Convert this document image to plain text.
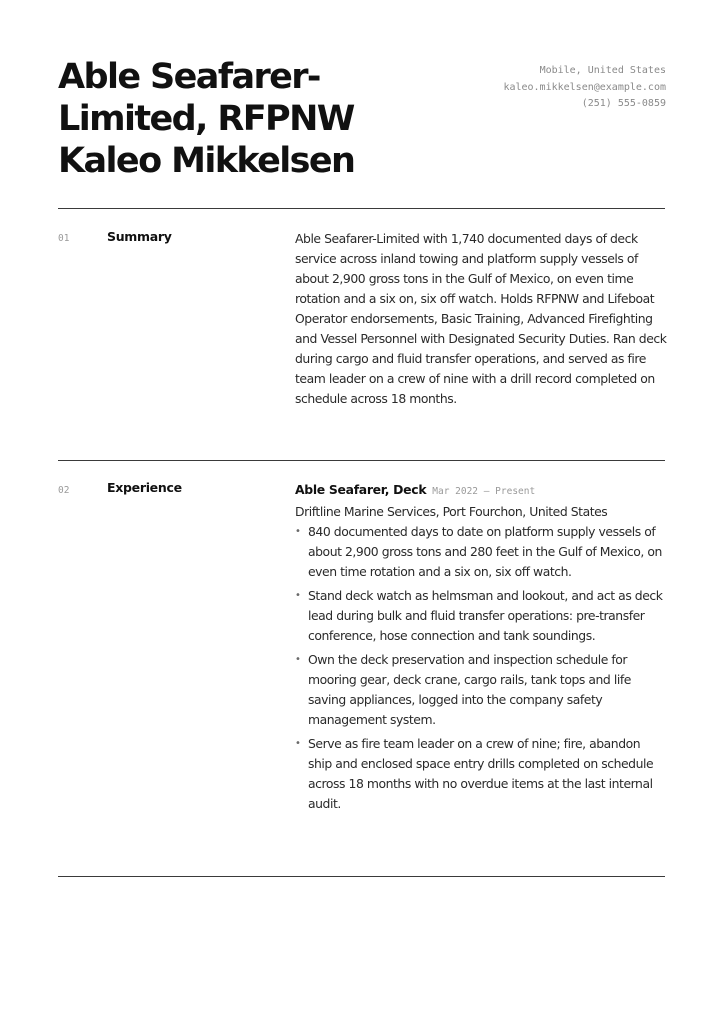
Able Seafarer-
Limited, RFPNW
Kaleo Mikkelsen
Mobile, United States
kaleo.mikkelsen@example.com
(251) 555-0859
01	Summary	Able Seafarer-Limited with 1,740 documented days of deck service across inland towing and platform supply vessels of about 2,900 gross tons in the Gulf of Mexico, on even time rotation and a six on, six off watch. Holds RFPNW and Lifeboat Operator endorsements, Basic Training, Advanced Firefighting and Vessel Personnel with Designated Security Duties. Ran deck during cargo and fluid transfer operations, and served as fire team leader on a crew of nine with a drill record completed on schedule across 18 months.
02	Experience	Able Seafarer, Deck Mar 2022 – Present
Driftline Marine Services, Port Fourchon, United States
• 840 documented days to date on platform supply vessels of about 2,900 gross tons and 280 feet in the Gulf of Mexico, on even time rotation and a six on, six off watch.
• Stand deck watch as helmsman and lookout, and act as deck lead during bulk and fluid transfer operations: pre-transfer conference, hose connection and tank soundings.
• Own the deck preservation and inspection schedule for mooring gear, deck crane, cargo rails, tank tops and life saving appliances, logged into the company safety management system.
• Serve as fire team leader on a crew of nine; fire, abandon ship and enclosed space entry drills completed on schedule across 18 months with no overdue items at the last internal audit.
